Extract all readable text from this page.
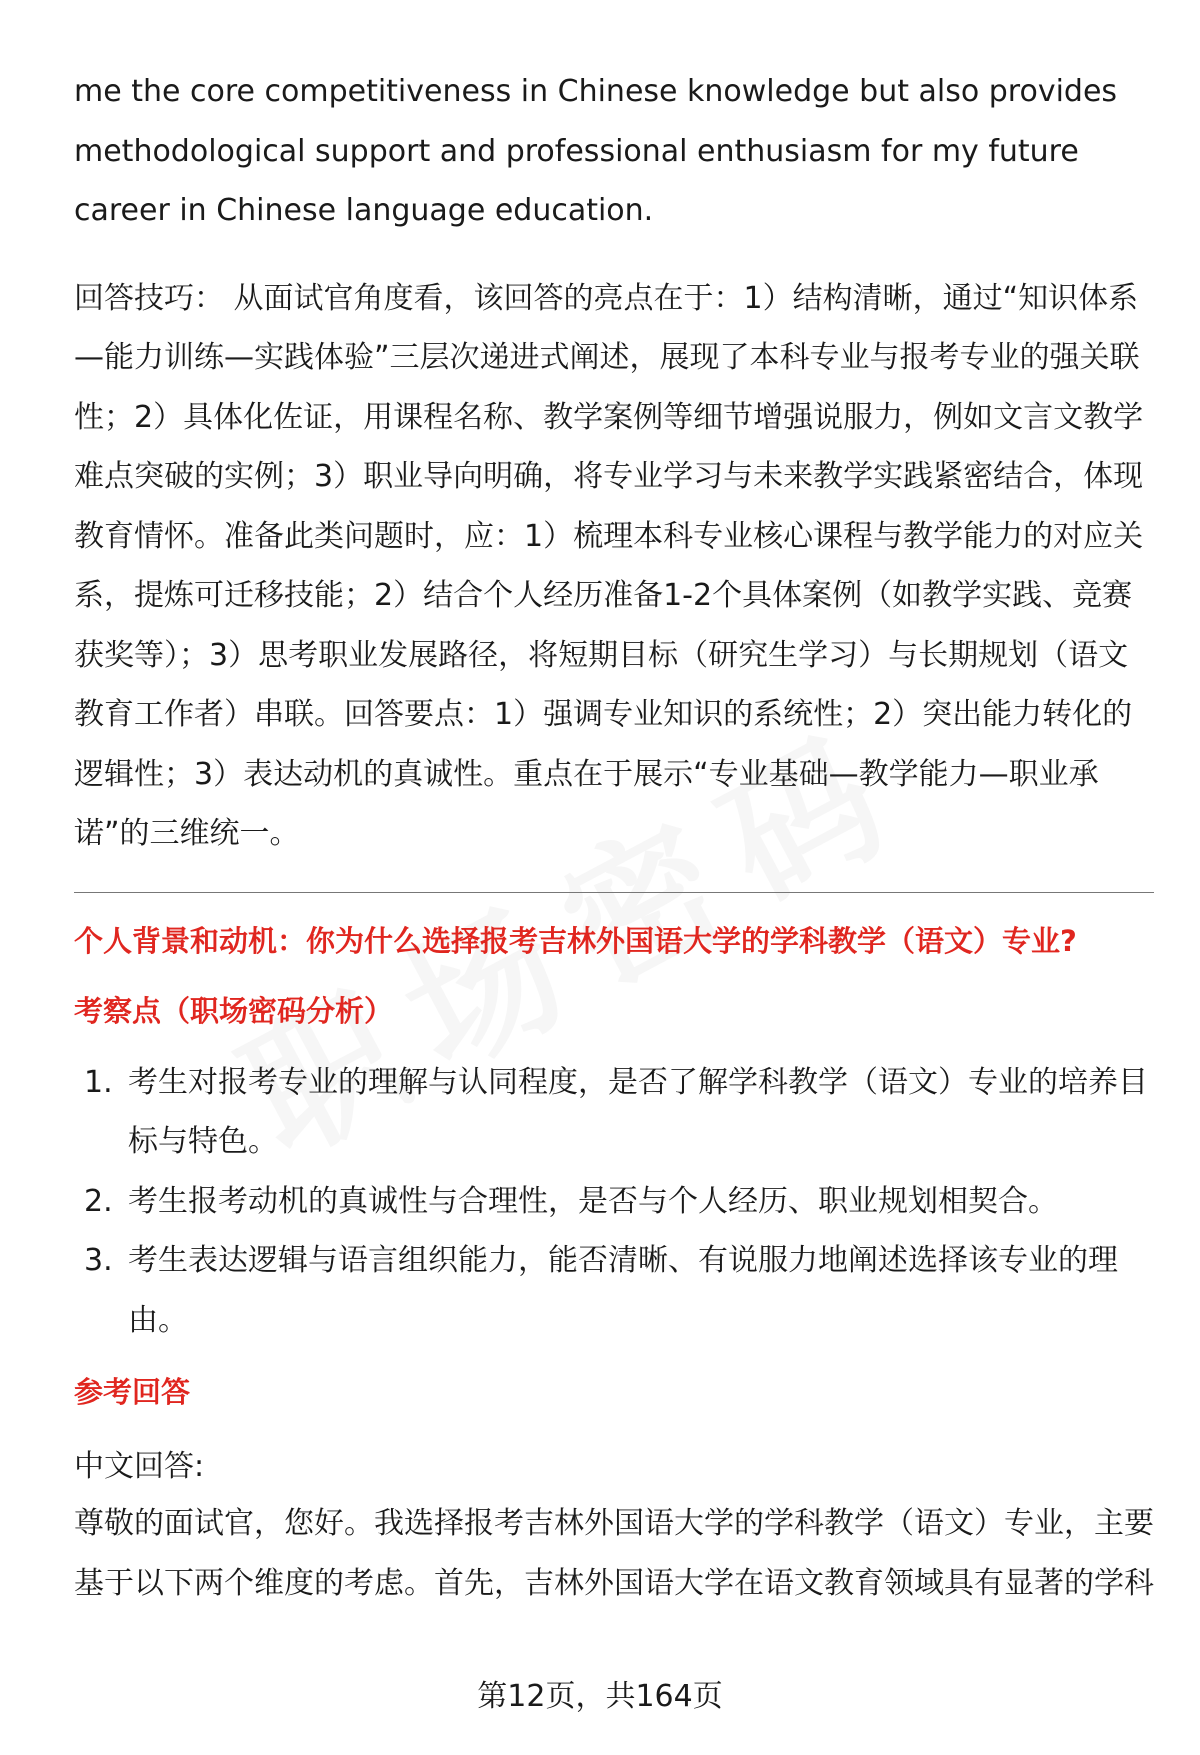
me the core competitiveness in Chinese knowledge but also provides methodological support and professional enthusiasm for my future career in Chinese language education.

回答技巧： 从面试官角度看，该回答的亮点在于：1）结构清晰，通过“知识体系—能力训练—实践体验”三层次递进式阐述，展现了本科专业与报考专业的强关联性；2）具体化佐证，用课程名称、教学案例等细节增强说服力，例如文言文教学难点突破的实例；3）职业导向明确，将专业学习与未来教学实践紧密结合，体现教育情怀。准备此类问题时，应：1）梳理本科专业核心课程与教学能力的对应关系，提炼可迁移技能；2）结合个人经历准备1-2个具体案例（如教学实践、竞赛获奖等）；3）思考职业发展路径，将短期目标（研究生学习）与长期规划（语文教育工作者）串联。回答要点：1）强调专业知识的系统性；2）突出能力转化的逻辑性；3）表达动机的真诚性。重点在于展示“专业基础—教学能力—职业承诺”的三维统一。

个人背景和动机：你为什么选择报考吉林外国语大学的学科教学（语文）专业?

考察点（职场密码分析）

1. 考生对报考专业的理解与认同程度，是否了解学科教学（语文）专业的培养目标与特色。
2. 考生报考动机的真诚性与合理性，是否与个人经历、职业规划相契合。
3. 考生表达逻辑与语言组织能力，能否清晰、有说服力地阐述选择该专业的理由。

参考回答

中文回答:

尊敬的面试官，您好。我选择报考吉林外国语大学的学科教学（语文）专业，主要基于以下两个维度的考虑。首先，吉林外国语大学在语文教育领域具有显著的学科

第12页，共164页
